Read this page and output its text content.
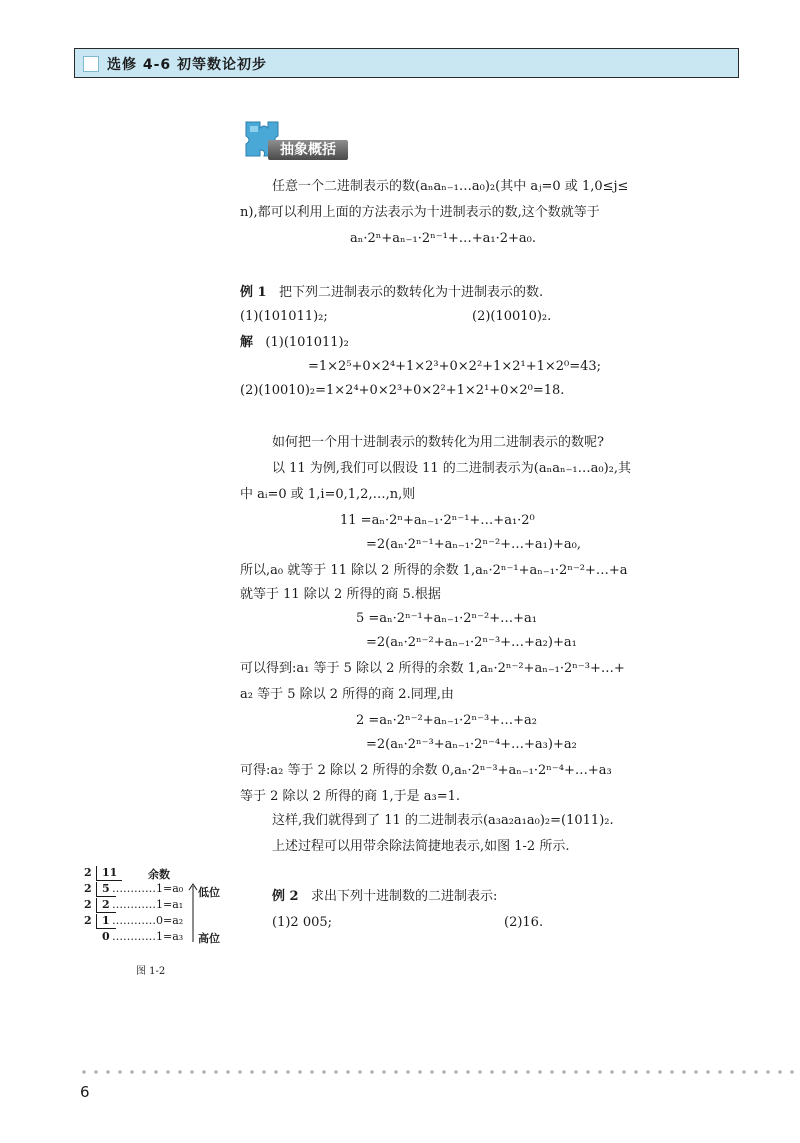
选修 4-6 初等数论初步
抽象概括
任意一个二进制表示的数(aₙaₙ₋₁…a₀)₂(其中 aⱼ=0 或 1,0≤j≤
n),都可以利用上面的方法表示为十进制表示的数,这个数就等于
aₙ·2ⁿ+aₙ₋₁·2ⁿ⁻¹+…+a₁·2+a₀.
例 1 把下列二进制表示的数转化为十进制表示的数.
(1)(101011)₂;	(2)(10010)₂.
解 (1)(101011)₂
=1×2⁵+0×2⁴+1×2³+0×2²+1×2¹+1×2⁰=43;
(2)(10010)₂=1×2⁴+0×2³+0×2²+1×2¹+0×2⁰=18.
如何把一个用十进制表示的数转化为用二进制表示的数呢?
以 11 为例,我们可以假设 11 的二进制表示为(aₙaₙ₋₁…a₀)₂,其
中 aᵢ=0 或 1,i=0,1,2,…,n,则
11 =aₙ·2ⁿ+aₙ₋₁·2ⁿ⁻¹+…+a₁·2⁰
=2(aₙ·2ⁿ⁻¹+aₙ₋₁·2ⁿ⁻²+…+a₁)+a₀,
所以,a₀ 就等于 11 除以 2 所得的余数 1,aₙ·2ⁿ⁻¹+aₙ₋₁·2ⁿ⁻²+…+a
就等于 11 除以 2 所得的商 5.根据
5 =aₙ·2ⁿ⁻¹+aₙ₋₁·2ⁿ⁻²+…+a₁
=2(aₙ·2ⁿ⁻²+aₙ₋₁·2ⁿ⁻³+…+a₂)+a₁
可以得到:a₁ 等于 5 除以 2 所得的余数 1,aₙ·2ⁿ⁻²+aₙ₋₁·2ⁿ⁻³+…+
a₂ 等于 5 除以 2 所得的商 2.同理,由
2 =aₙ·2ⁿ⁻²+aₙ₋₁·2ⁿ⁻³+…+a₂
=2(aₙ·2ⁿ⁻³+aₙ₋₁·2ⁿ⁻⁴+…+a₃)+a₂
可得:a₂ 等于 2 除以 2 所得的余数 0,aₙ·2ⁿ⁻³+aₙ₋₁·2ⁿ⁻⁴+…+a₃
等于 2 除以 2 所得的商 1,于是 a₃=1.
这样,我们就得到了 11 的二进制表示(a₃a₂a₁a₀)₂=(1011)₂.
上述过程可以用带余除法简捷地表示,如图 1-2 所示.
例 2 求出下列十进制数的二进制表示:
(1)2 005;	(2)16.
2
2
2
2
11	余数
5 …………1=a₀
2 …………1=a₁
1 …………0=a₂
0 …………1=a₃
低位
高位
图 1-2
6
